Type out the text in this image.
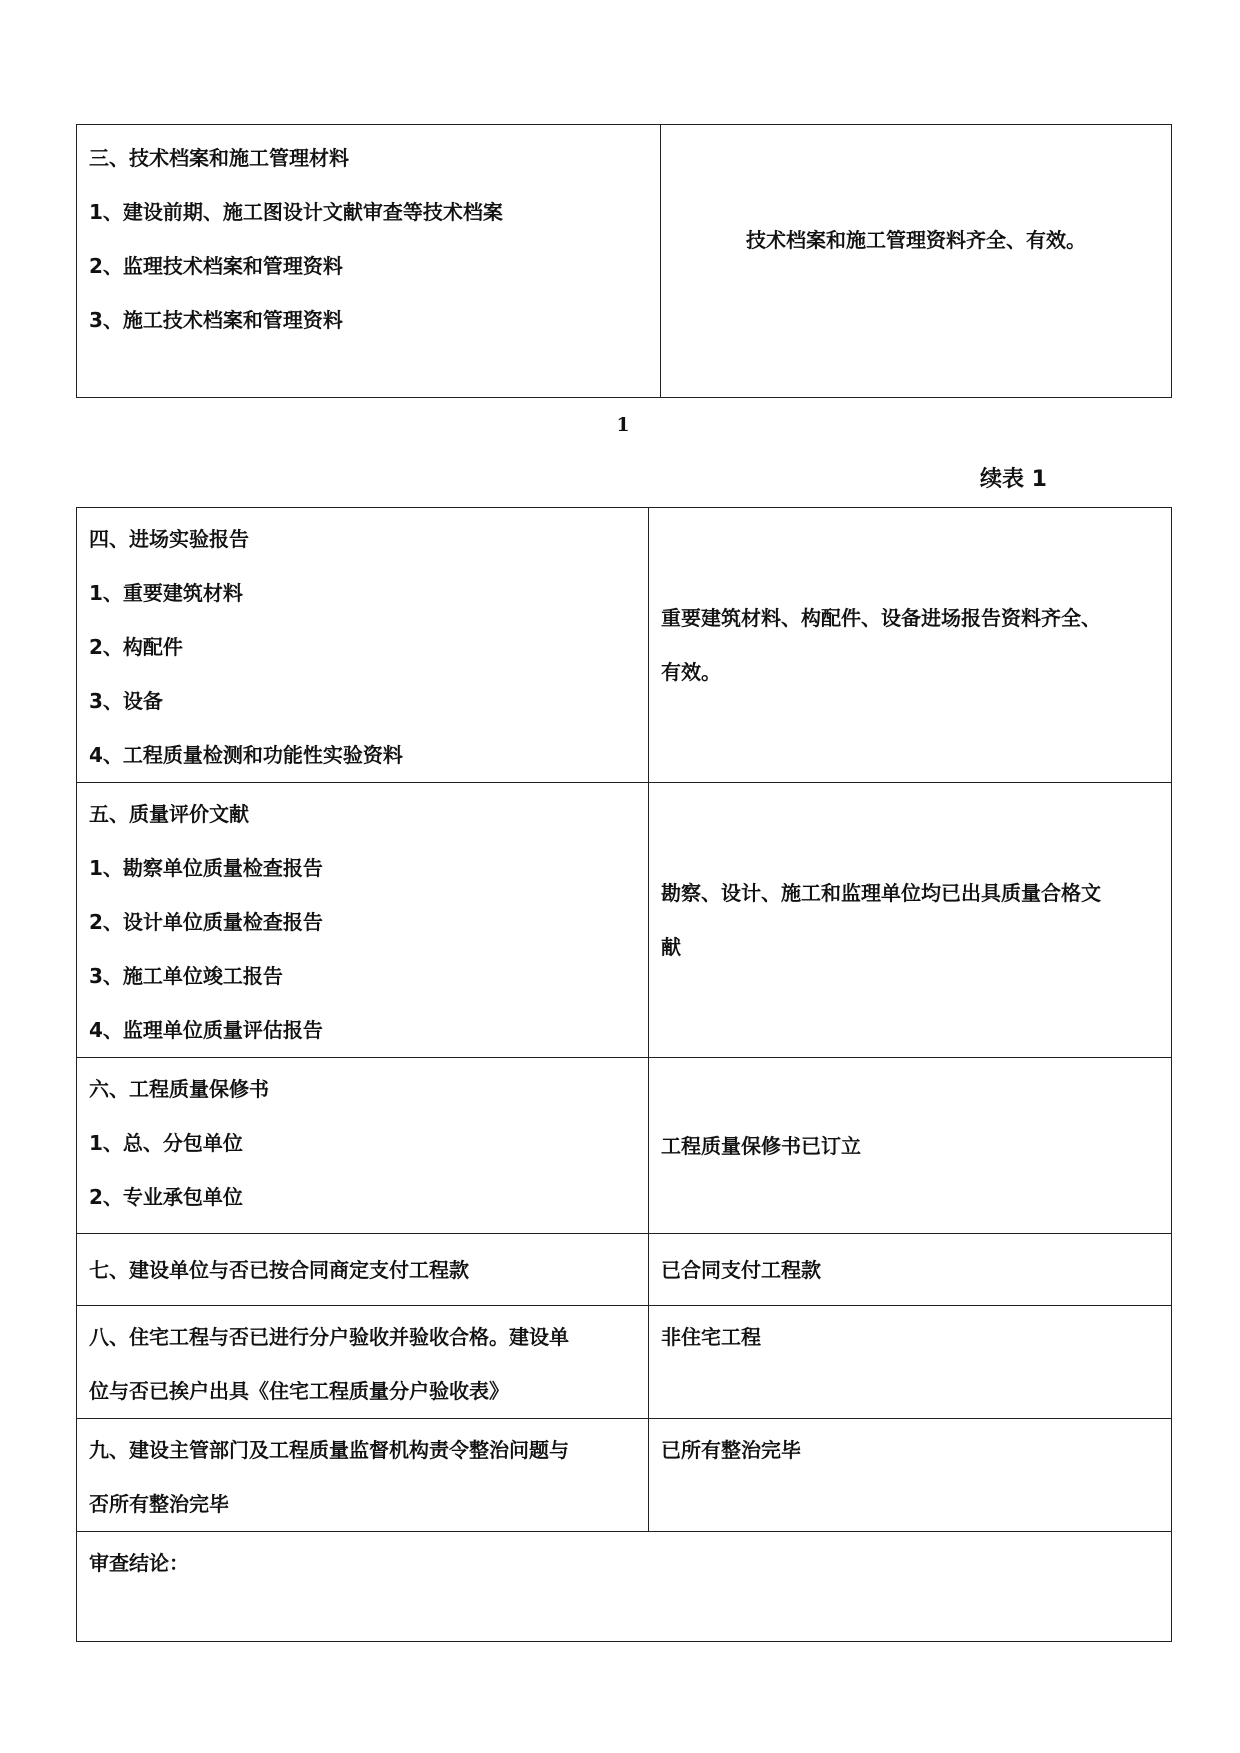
三、技术档案和施工管理材料
1、建设前期、施工图设计文献审查等技术档案
2、监理技术档案和管理资料
3、施工技术档案和管理资料
	技术档案和施工管理资料齐全、有效。
1
续表 1
四、进场实验报告
1、重要建筑材料
2、构配件
3、设备
4、工程质量检测和功能性实验资料	重要建筑材料、构配件、设备进场报告资料齐全、
有效。

五、质量评价文献
1、勘察单位质量检查报告
2、设计单位质量检查报告
3、施工单位竣工报告
4、监理单位质量评估报告	勘察、设计、施工和监理单位均已出具质量合格文
献

六、工程质量保修书
1、总、分包单位
2、专业承包单位	工程质量保修书已订立

七、建设单位与否已按合同商定支付工程款	已合同支付工程款

八、住宅工程与否已进行分户验收并验收合格。建设单
位与否已挨户出具《住宅工程质量分户验收表》	非住宅工程

九、建设主管部门及工程质量监督机构责令整治问题与
否所有整治完毕	已所有整治完毕
审查结论：	
